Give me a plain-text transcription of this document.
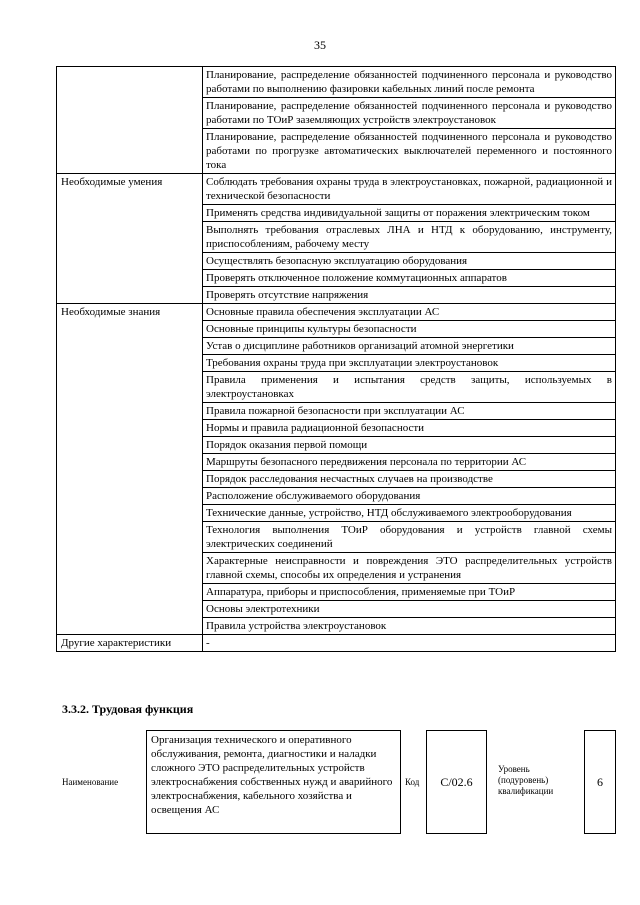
35
	Планирование, распределение обязанностей подчиненного персонала и руководство работами по выполнению фазировки кабельных линий после ремонта
	Планирование, распределение обязанностей подчиненного персонала и руководство работами по ТОиР заземляющих устройств электроустановок
	Планирование, распределение обязанностей подчиненного персонала и руководство работами по прогрузке автоматических выключателей переменного и постоянного тока
Необходимые умения	Соблюдать требования охраны труда в электроустановках, пожарной, радиационной и технической безопасности
	Применять средства индивидуальной защиты от поражения электрическим током
	Выполнять требования отраслевых ЛНА и НТД к оборудованию, инструменту, приспособлениям, рабочему месту
	Осуществлять безопасную эксплуатацию оборудования
	Проверять отключенное положение коммутационных аппаратов
	Проверять отсутствие напряжения
Необходимые знания	Основные правила обеспечения эксплуатации АС
	Основные принципы культуры безопасности
	Устав о дисциплине работников организаций атомной энергетики
	Требования охраны труда при эксплуатации электроустановок
	Правила применения и испытания средств защиты, используемых в электроустановках
	Правила пожарной безопасности при эксплуатации АС
	Нормы и правила радиационной безопасности
	Порядок оказания первой помощи
	Маршруты безопасного передвижения персонала по территории АС
	Порядок расследования несчастных случаев на производстве
	Расположение обслуживаемого оборудования
	Технические данные, устройство, НТД обслуживаемого электрооборудования
	Технология выполнения ТОиР оборудования и устройств главной схемы электрических соединений
	Характерные неисправности и повреждения ЭТО распределительных устройств главной схемы, способы их определения и устранения
	Аппаратура, приборы и приспособления, применяемые при ТОиР
	Основы электротехники
	Правила устройства электроустановок
Другие характеристики	-
3.3.2. Трудовая функция
Наименование
Организация технического и оперативного обслуживания, ремонта, диагностики и наладки сложного ЭТО распределительных устройств электроснабжения собственных нужд и аварийного электроснабжения, кабельного хозяйства и освещения АС
Код	С/02.6
Уровень (подуровень) квалификации
6
